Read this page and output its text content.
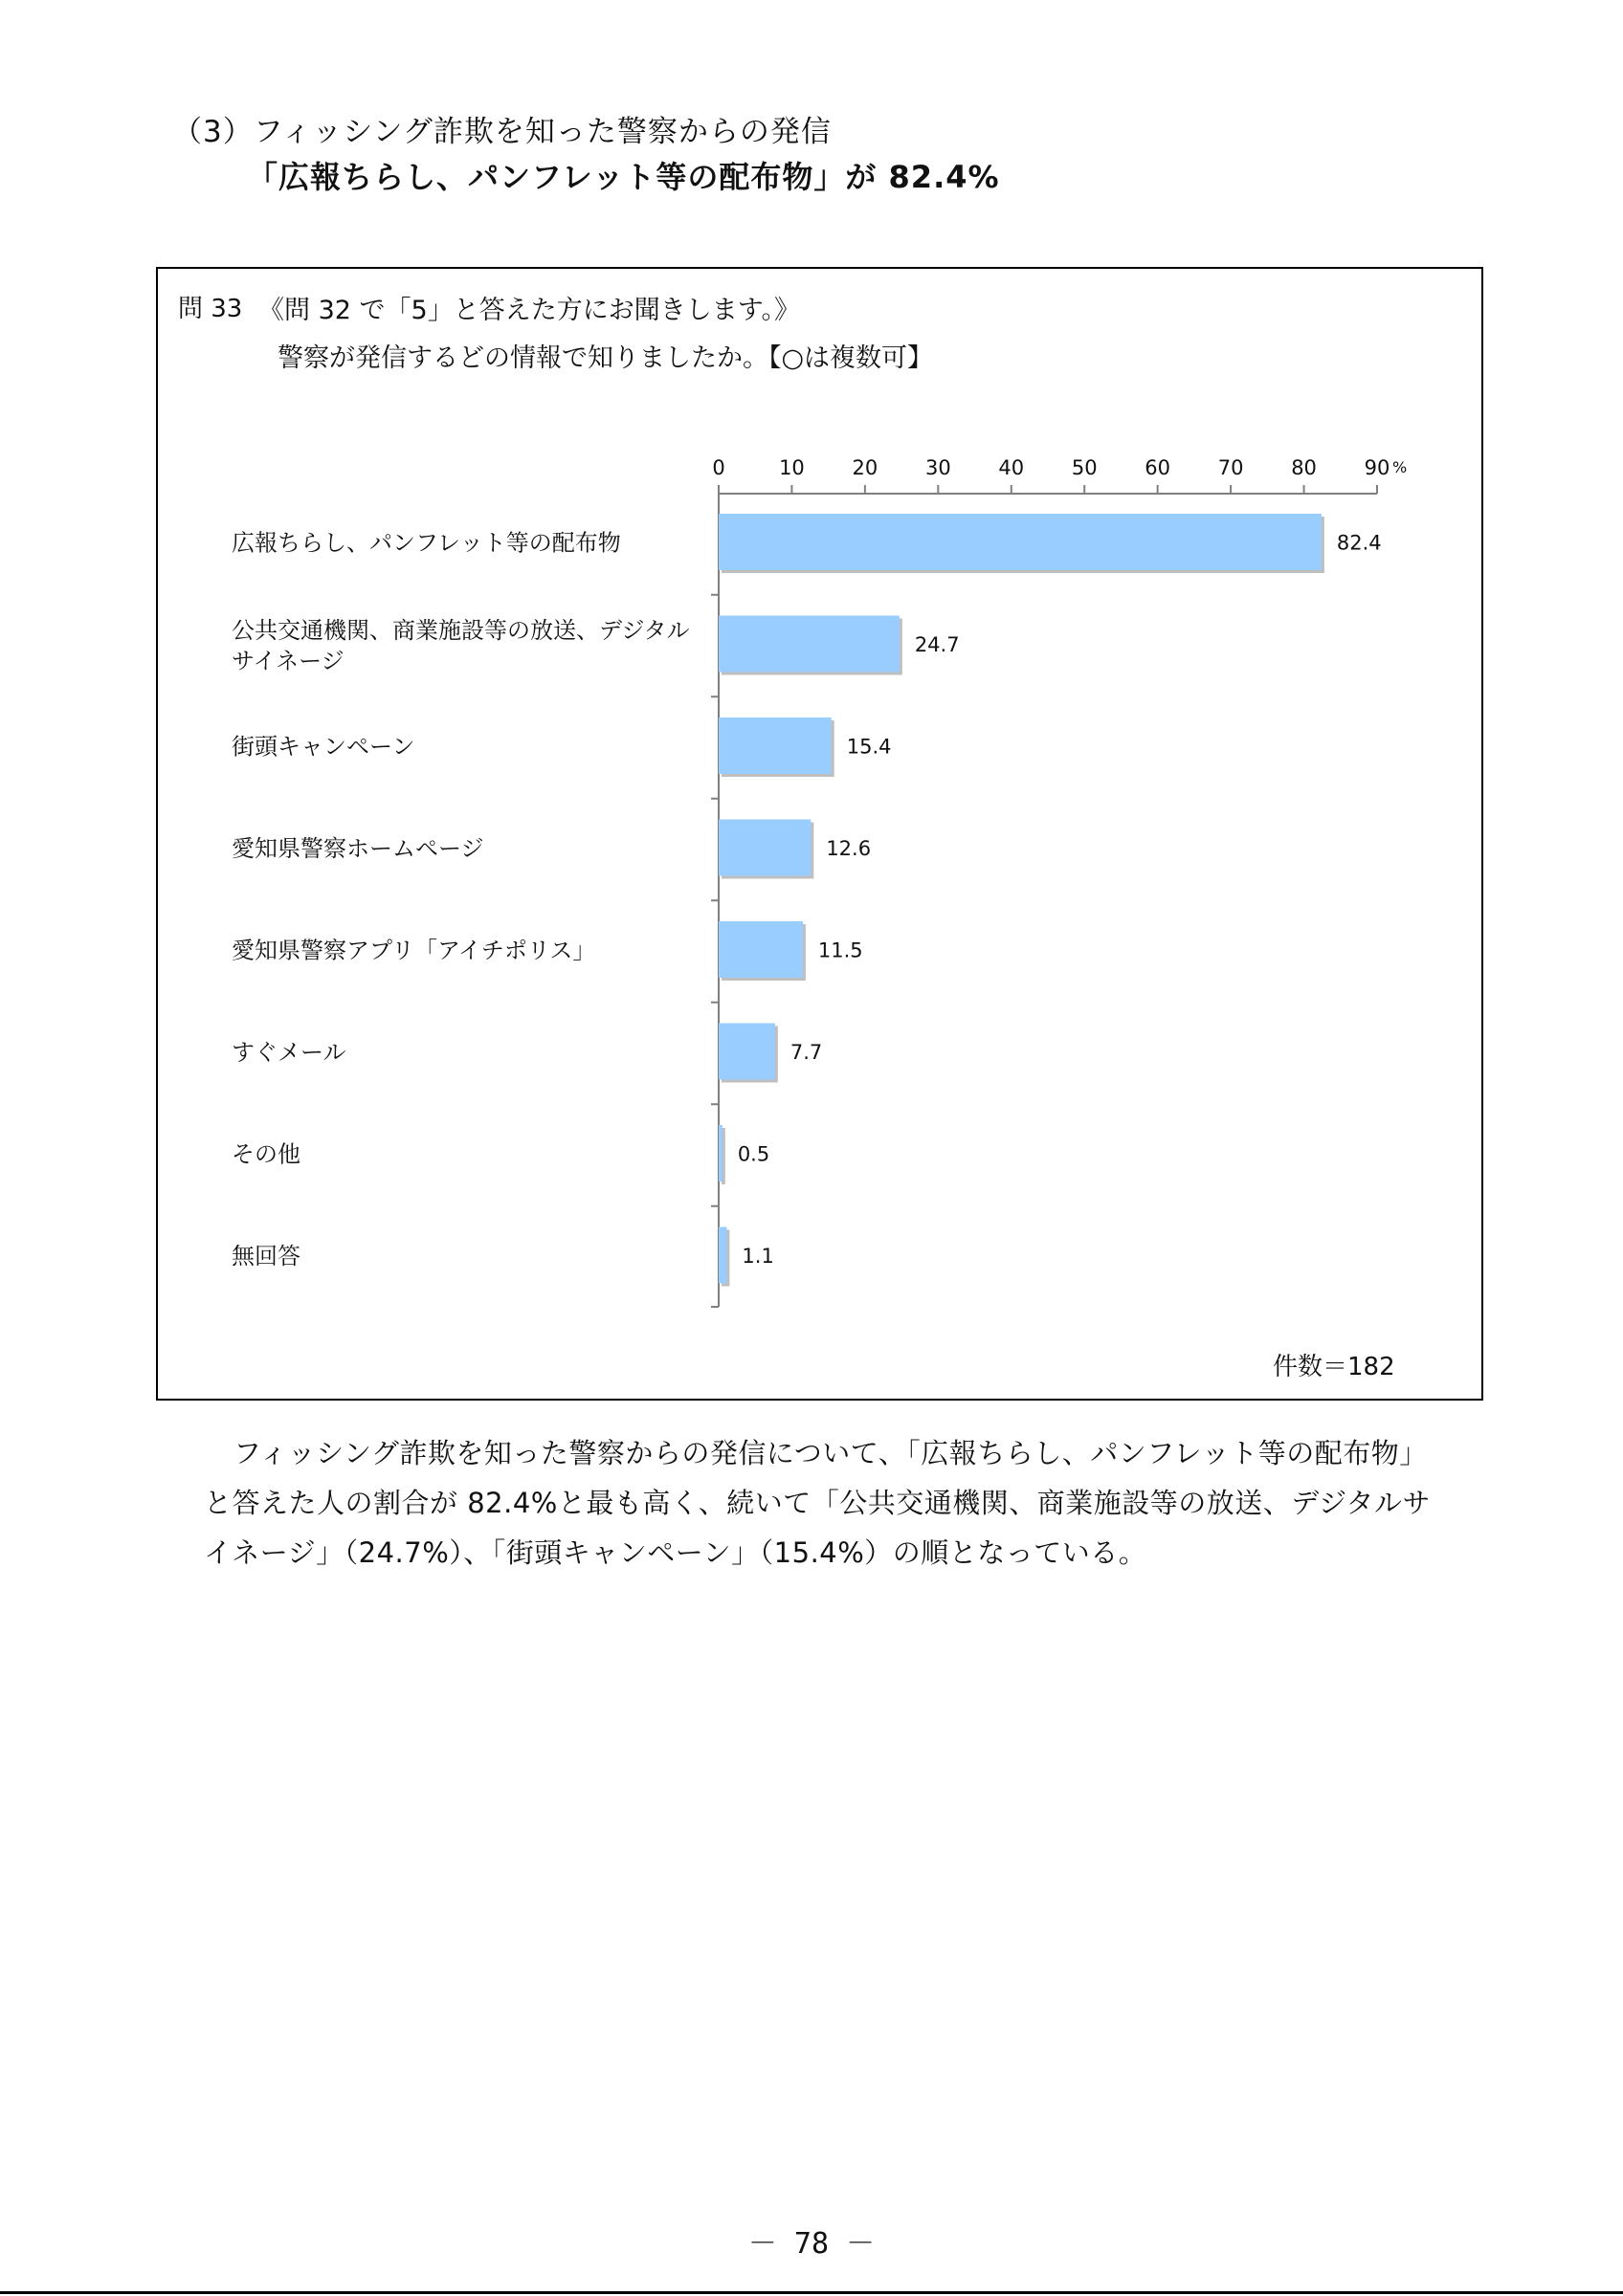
（3）フィッシング詐欺を知った警察からの発信
「広報ちらし、パンフレット等の配布物」が 82.4%
問 33 《問 32 で「5」と答えた方にお聞きします。》
警察が発信するどの情報で知りましたか。【○は複数可】
0	10 20 30 40 50 60 70 80 90 %
82.4
広報ちらし、パンフレット等の配布物
24.7
公共交通機関、商業施設等の放送、デジタル
サイネージ
15.4
街頭キャンペーン
12.6
愛知県警察ホームページ
11.5
愛知県警察アプリ「アイチポリス」
7.7
すぐメール
0.5
その他
1.1
無回答
件数＝182
フィッシング詐欺を知った警察からの発信について、「広報ちらし、パンフレット等の配布物」
と答えた人の割合が 82.4%と最も高く、続いて「公共交通機関、商業施設等の放送、デジタルサ
イネージ」（24.7%）、「街頭キャンペーン」（15.4%）の順となっている。
－ 78 －
